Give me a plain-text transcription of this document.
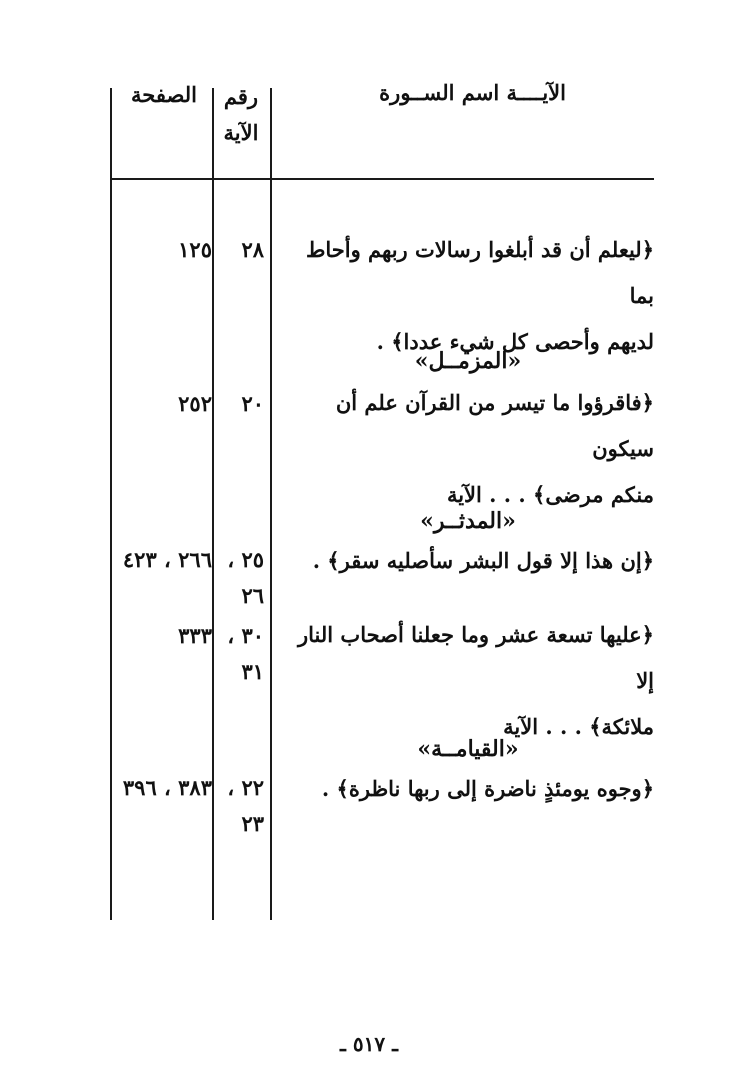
الآيــــة اسم الســورة
رقم
الآية
الصفحة
﴿ليعلم أن قد أبلغوا رسالات ربهم وأحاط بما
لديهم وأحصى كل شيء عددا﴾ .
٢٨
١٢٥
«المزمــل»
﴿فاقرؤوا ما تيسر من القرآن علم أن سيكون
منكم مرضى﴾ . . . الآية
٢٠
٢٥٢
«المدثــر»
﴿إن هذا إلا قول البشر سأصليه سقر﴾ .
٢٥ ،
٢٦
٢٦٦ ، ٤٢٣
﴿عليها تسعة عشر وما جعلنا أصحاب النار إلا
ملائكة﴾ . . . الآية
٣٠ ،
٣١
٣٣٣
«القيامــة»
﴿وجوه يومئذٍ ناضرة إلى ربها ناظرة﴾ .
٢٢ ،
٢٣
٣٨٣ ، ٣٩٦
ـ ٥١٧ ـ
